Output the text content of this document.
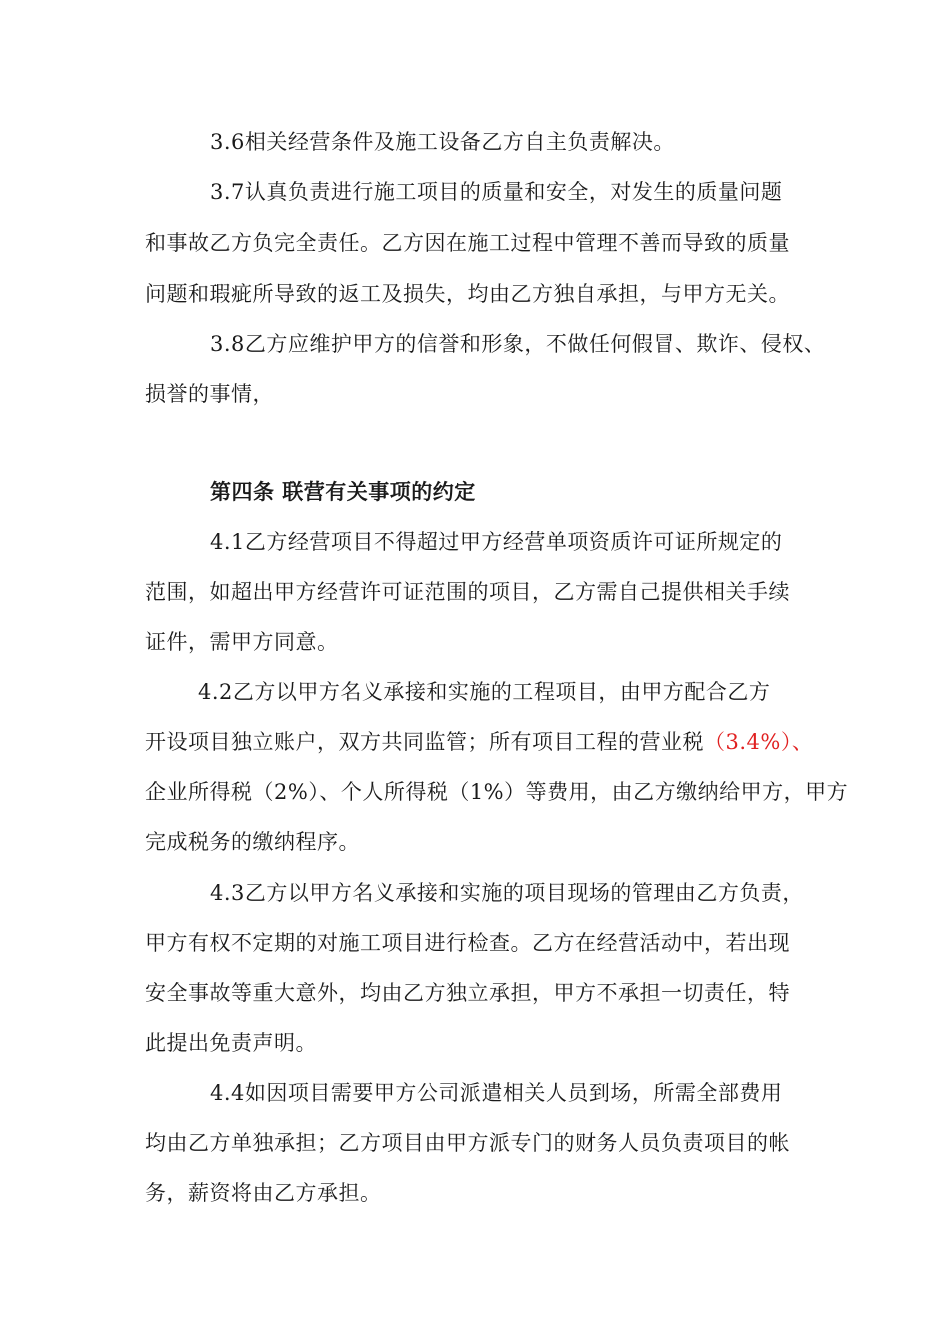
3.6相关经营条件及施工设备乙方自主负责解决。
3.7认真负责进行施工项目的质量和安全，对发生的质量问题
和事故乙方负完全责任。乙方因在施工过程中管理不善而导致的质量
问题和瑕疵所导致的返工及损失，均由乙方独自承担，与甲方无关。
3.8乙方应维护甲方的信誉和形象，不做任何假冒、欺诈、侵权、
损誉的事情，
第四条 联营有关事项的约定
4.1乙方经营项目不得超过甲方经营单项资质许可证所规定的
范围，如超出甲方经营许可证范围的项目，乙方需自己提供相关手续
证件，需甲方同意。
4.2乙方以甲方名义承接和实施的工程项目，由甲方配合乙方
开设项目独立账户，双方共同监管；所有项目工程的营业税（3.4%）、
企业所得税（2%）、个人所得税（1%）等费用，由乙方缴纳给甲方，甲方
完成税务的缴纳程序。
4.3乙方以甲方名义承接和实施的项目现场的管理由乙方负责，
甲方有权不定期的对施工项目进行检查。乙方在经营活动中，若出现
安全事故等重大意外，均由乙方独立承担，甲方不承担一切责任，特
此提出免责声明。
4.4如因项目需要甲方公司派遣相关人员到场，所需全部费用
均由乙方单独承担；乙方项目由甲方派专门的财务人员负责项目的帐
务，薪资将由乙方承担。
